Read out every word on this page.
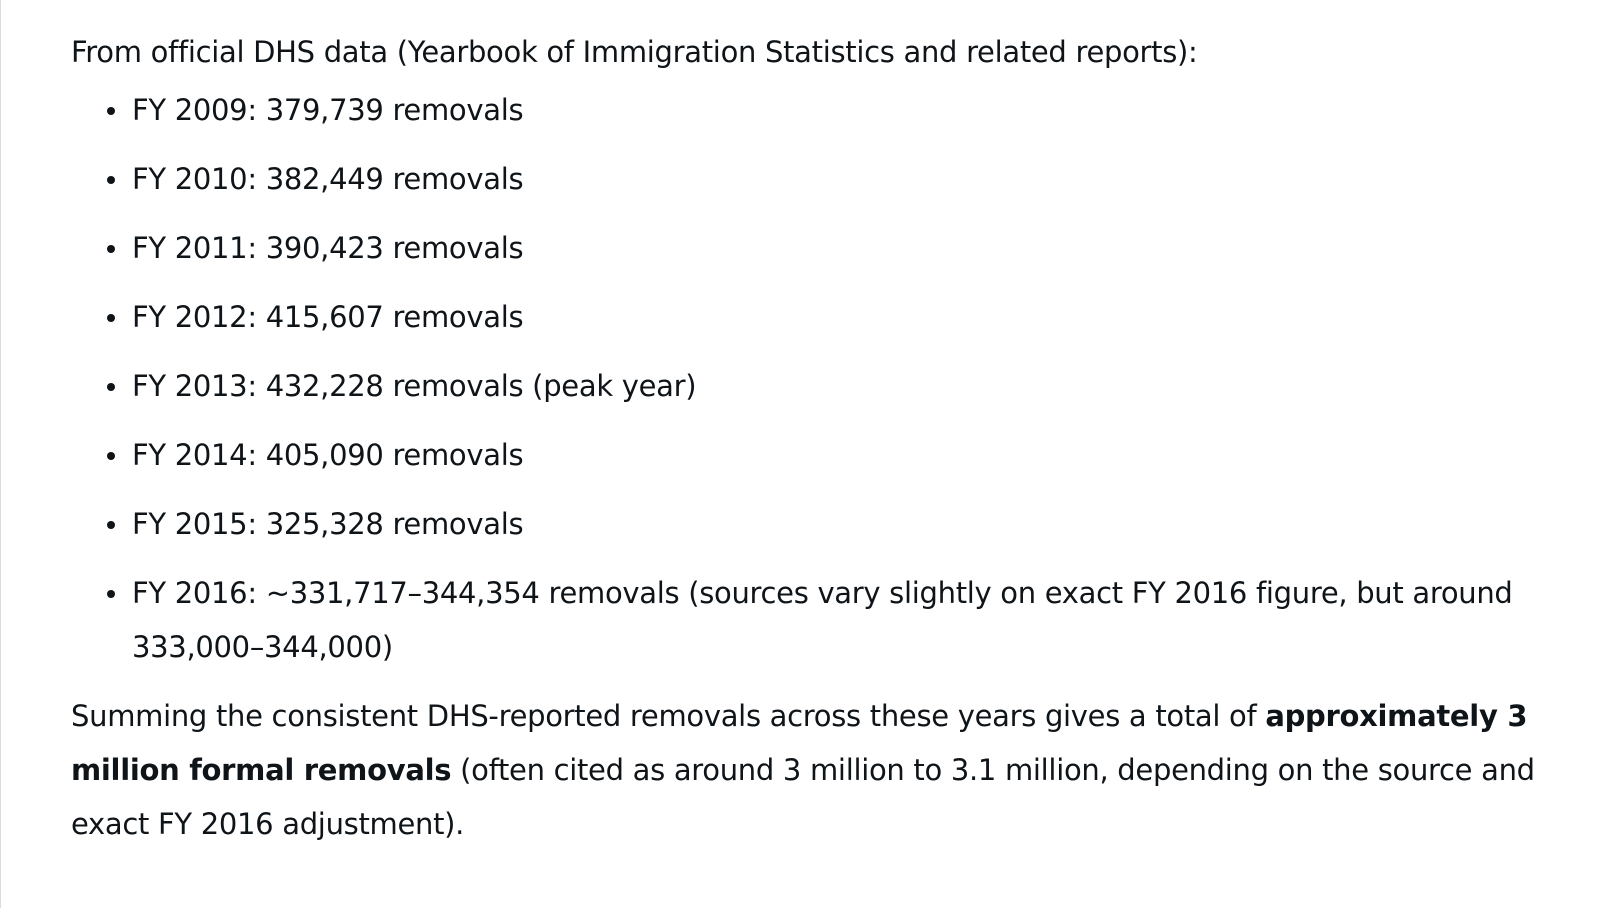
From official DHS data (Yearbook of Immigration Statistics and related reports):

FY 2009: 379,739 removals
FY 2010: 382,449 removals
FY 2011: 390,423 removals
FY 2012: 415,607 removals
FY 2013: 432,228 removals (peak year)
FY 2014: 405,090 removals
FY 2015: 325,328 removals
FY 2016: ~331,717–344,354 removals (sources vary slightly on exact FY 2016 figure, but around 333,000–344,000)

Summing the consistent DHS-reported removals across these years gives a total of approximately 3 million formal removals (often cited as around 3 million to 3.1 million, depending on the source and exact FY 2016 adjustment).
